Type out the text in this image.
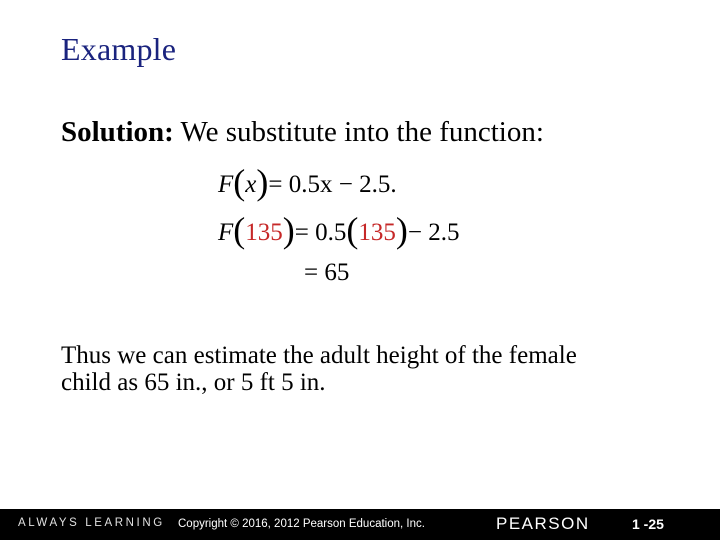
Example
Solution: We substitute into the function:
F(x)= 0.5x − 2.5.
F(135)= 0.5(135)− 2.5
= 65
Thus we can estimate the adult height of the female child as 65 in., or 5 ft 5 in.
ALWAYS LEARNING Copyright © 2016, 2012 Pearson Education, Inc.	PEARSON	1 -25
